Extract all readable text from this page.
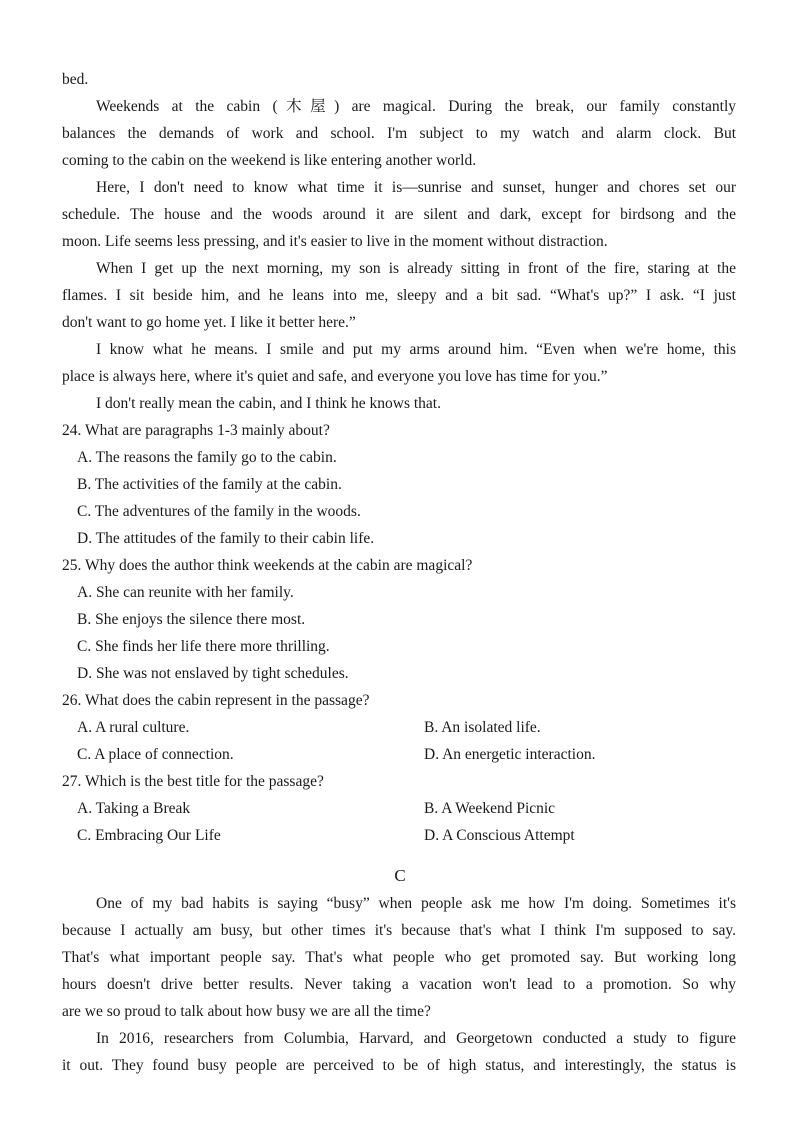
bed.
Weekends at the cabin (木屋) are magical. During the break, our family constantly
balances the demands of work and school. I'm subject to my watch and alarm clock. But
coming to the cabin on the weekend is like entering another world.
Here, I don't need to know what time it is—sunrise and sunset, hunger and chores set our
schedule. The house and the woods around it are silent and dark, except for birdsong and the
moon. Life seems less pressing, and it's easier to live in the moment without distraction.
When I get up the next morning, my son is already sitting in front of the fire, staring at the
flames. I sit beside him, and he leans into me, sleepy and a bit sad. “What's up?” I ask. “I just
don't want to go home yet. I like it better here.”
I know what he means. I smile and put my arms around him. “Even when we're home, this
place is always here, where it's quiet and safe, and everyone you love has time for you.”
I don't really mean the cabin, and I think he knows that.
24. What are paragraphs 1-3 mainly about?
A. The reasons the family go to the cabin.
B. The activities of the family at the cabin.
C. The adventures of the family in the woods.
D. The attitudes of the family to their cabin life.
25. Why does the author think weekends at the cabin are magical?
A. She can reunite with her family.
B. She enjoys the silence there most.
C. She finds her life there more thrilling.
D. She was not enslaved by tight schedules.
26. What does the cabin represent in the passage?
A. A rural culture.	B. An isolated life.
C. A place of connection.	D. An energetic interaction.
27. Which is the best title for the passage?
A. Taking a Break	B. A Weekend Picnic
C. Embracing Our Life	D. A Conscious Attempt
C
One of my bad habits is saying “busy” when people ask me how I'm doing. Sometimes it's
because I actually am busy, but other times it's because that's what I think I'm supposed to say.
That's what important people say. That's what people who get promoted say. But working long
hours doesn't drive better results. Never taking a vacation won't lead to a promotion. So why
are we so proud to talk about how busy we are all the time?
In 2016, researchers from Columbia, Harvard, and Georgetown conducted a study to figure
it out. They found busy people are perceived to be of high status, and interestingly, the status is
